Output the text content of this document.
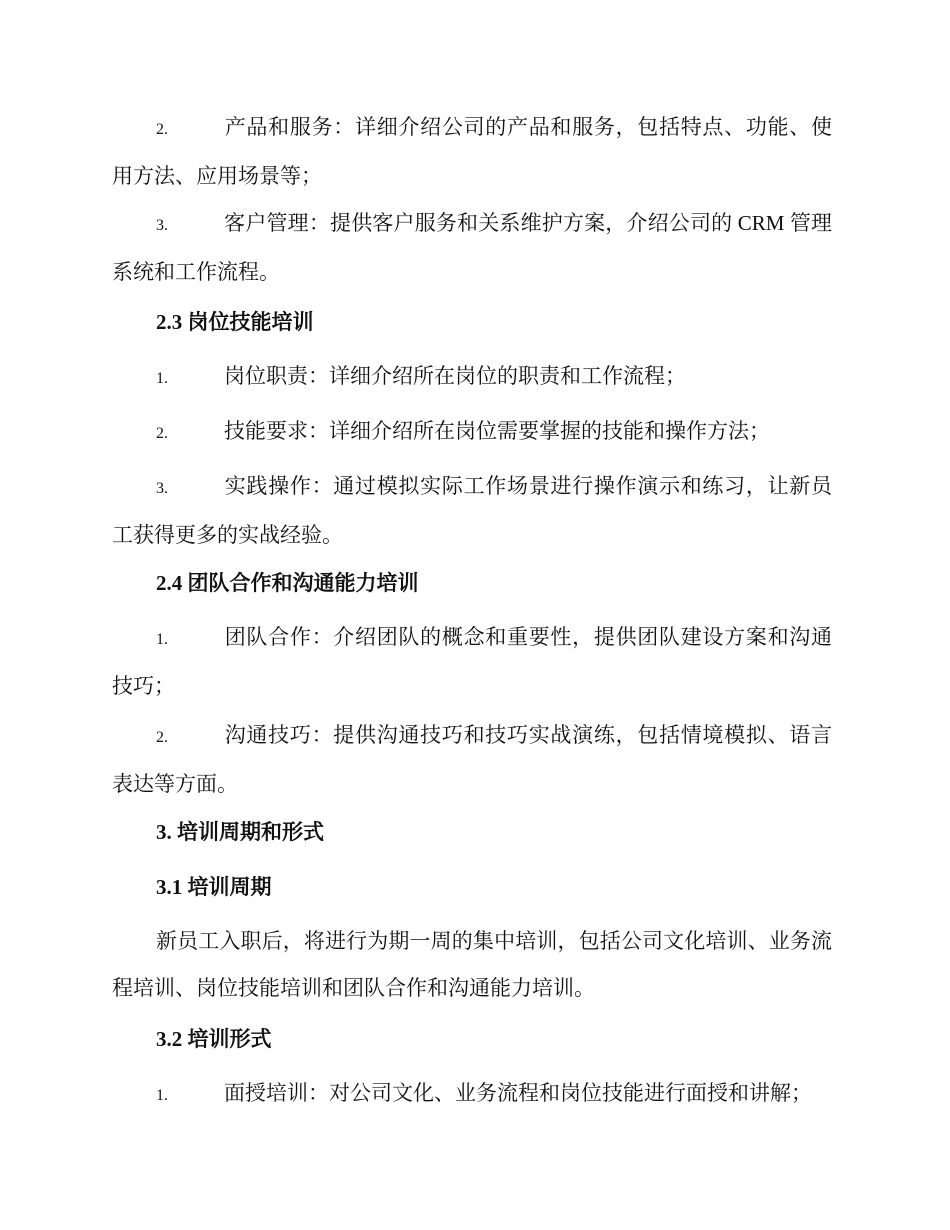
2.	产品和服务：详细介绍公司的产品和服务，包括特点、功能、使用方法、应用场景等；
3.	客户管理：提供客户服务和关系维护方案，介绍公司的 CRM 管理系统和工作流程。
2.3 岗位技能培训
1.	岗位职责：详细介绍所在岗位的职责和工作流程；
2.	技能要求：详细介绍所在岗位需要掌握的技能和操作方法；
3.	实践操作：通过模拟实际工作场景进行操作演示和练习，让新员工获得更多的实战经验。
2.4 团队合作和沟通能力培训
1.	团队合作：介绍团队的概念和重要性，提供团队建设方案和沟通技巧；
2.	沟通技巧：提供沟通技巧和技巧实战演练，包括情境模拟、语言表达等方面。
3. 培训周期和形式
3.1 培训周期
新员工入职后，将进行为期一周的集中培训，包括公司文化培训、业务流程培训、岗位技能培训和团队合作和沟通能力培训。
3.2 培训形式
1.	面授培训：对公司文化、业务流程和岗位技能进行面授和讲解；
